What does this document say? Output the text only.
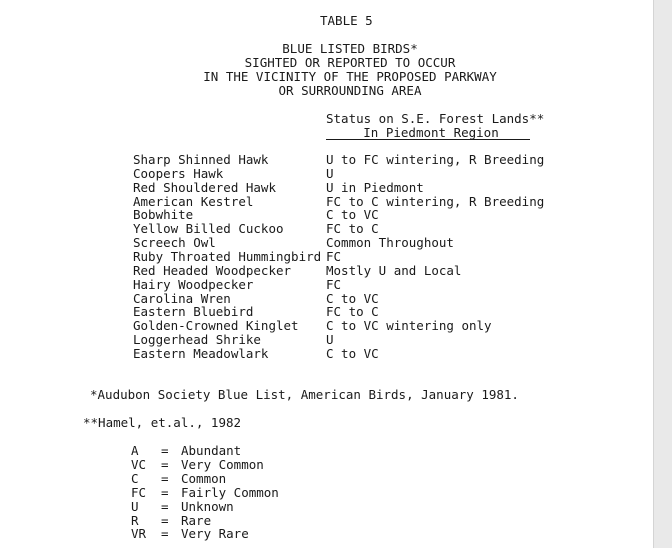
TABLE 5
BLUE LISTED BIRDS*
SIGHTED OR REPORTED TO OCCUR
IN THE VICINITY OF THE PROPOSED PARKWAY
OR SURROUNDING AREA
Status on S.E. Forest Lands**
In Piedmont Region
Sharp Shinned Hawk	U to FC wintering, R Breeding
Coopers Hawk	U
Red Shouldered Hawk	U in Piedmont
American Kestrel	FC to C wintering, R Breeding
Bobwhite	C to VC
Yellow Billed Cuckoo	FC to C
Screech Owl	Common Throughout
Ruby Throated Hummingbird FC
Red Headed Woodpecker	Mostly U and Local
Hairy Woodpecker	FC
Carolina Wren	C to VC
Eastern Bluebird	FC to C
Golden-Crowned Kinglet C to VC wintering only
Loggerhead Shrike	U
Eastern Meadowlark	C to VC
*Audubon Society Blue List, American Birds, January 1981.
**Hamel, et.al., 1982
A = Abundant
VC = Very Common
C = Common
FC = Fairly Common
U = Unknown
R = Rare
VR = Very Rare
